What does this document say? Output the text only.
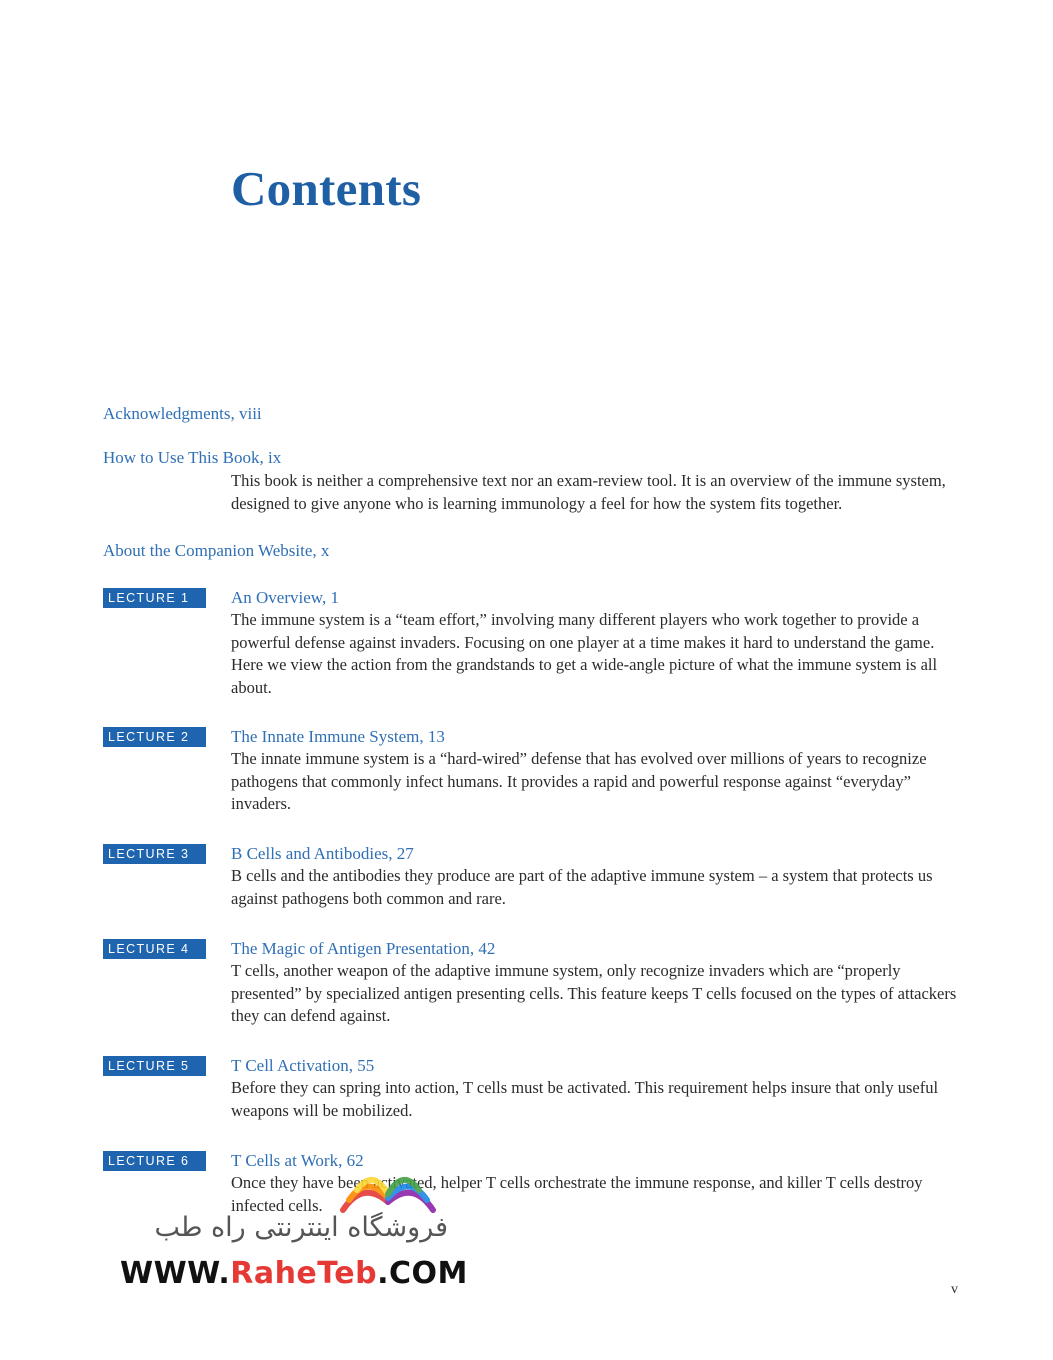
Contents
Acknowledgments, viii
How to Use This Book, ix
This book is neither a comprehensive text nor an exam-review tool. It is an overview of the immune system, designed to give anyone who is learning immunology a feel for how the system fits together.
About the Companion Website, x
LECTURE 1	An Overview, 1

The immune system is a “team effort,” involving many different players who work together to provide a powerful defense against invaders. Focusing on one player at a time makes it hard to understand the game. Here we view the action from the grandstands to get a wide-angle picture of what the immune system is all about.

LECTURE 2	The Innate Immune System, 13

The innate immune system is a “hard-wired” defense that has evolved over millions of years to recognize pathogens that commonly infect humans. It provides a rapid and powerful response against “everyday” invaders.

LECTURE 3	B Cells and Antibodies, 27

B cells and the antibodies they produce are part of the adaptive immune system – a system that protects us against pathogens both common and rare.

LECTURE 4	The Magic of Antigen Presentation, 42

T cells, another weapon of the adaptive immune system, only recognize invaders which are “properly presented” by specialized antigen presenting cells. This feature keeps T cells focused on the types of attackers they can defend against.

LECTURE 5	T Cell Activation, 55

Before they can spring into action, T cells must be activated. This requirement helps insure that only useful weapons will be mobilized.

LECTURE 6	T Cells at Work, 62

Once they have been activated, helper T cells orchestrate the immune response, and killer T cells destroy infected cells.

فروشگاه اینترنتی راه طب
WWW.RaheTeb.COM	v
